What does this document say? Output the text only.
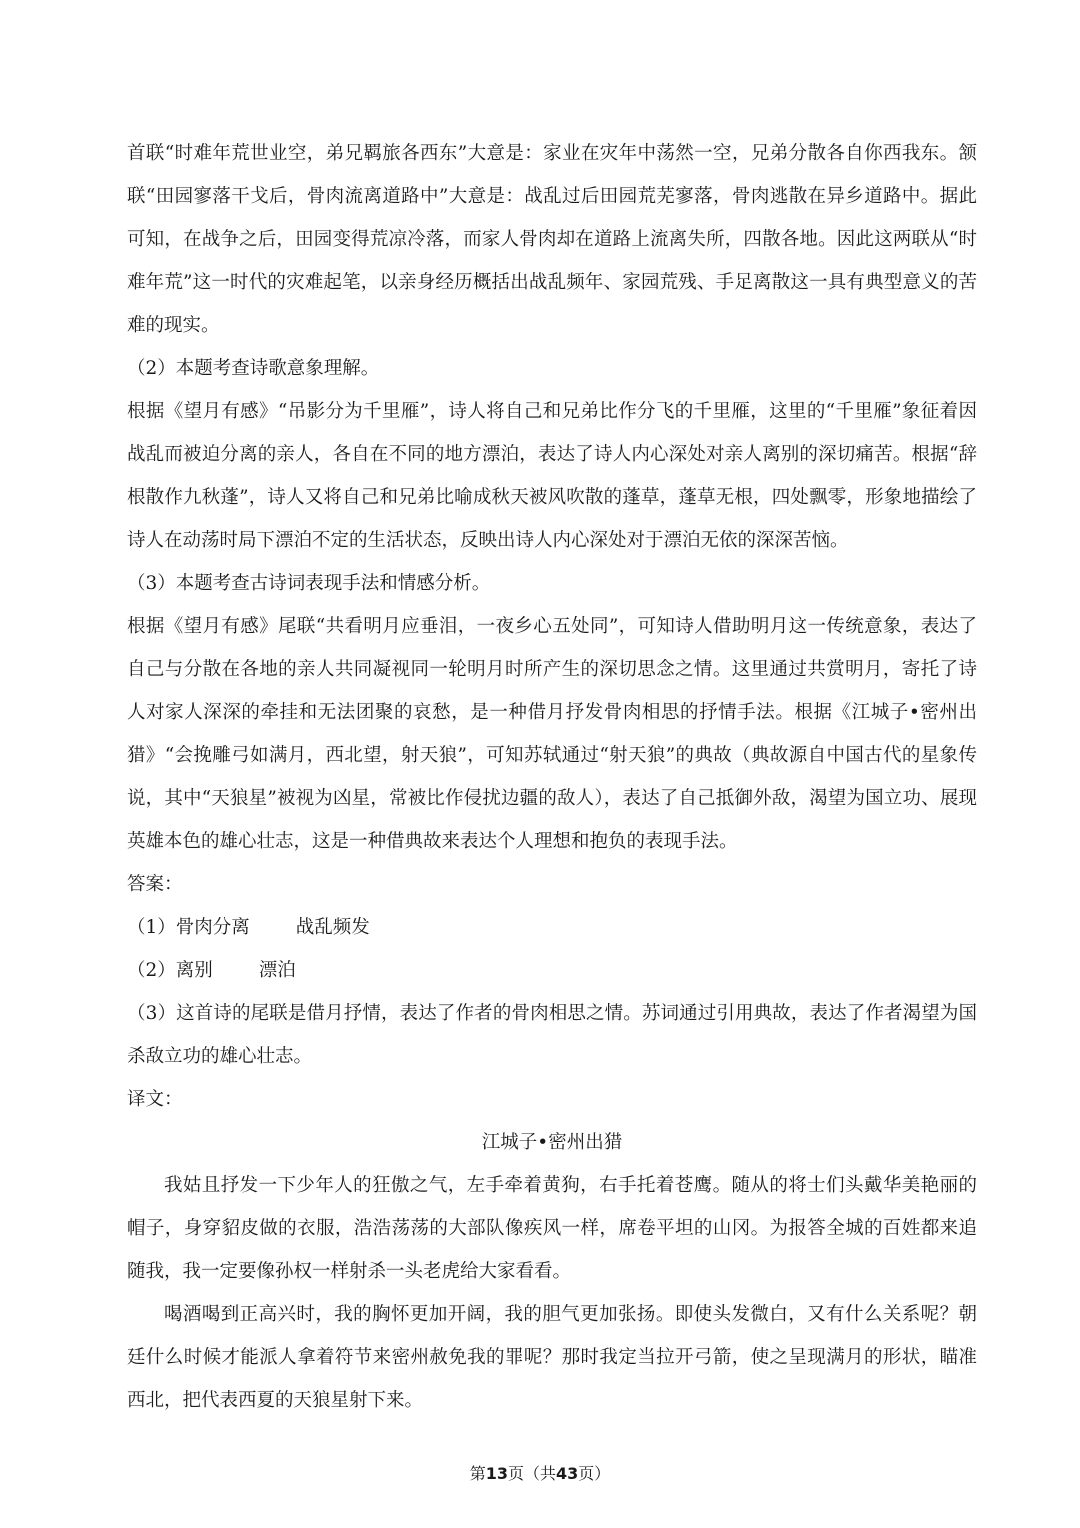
首联“时难年荒世业空，弟兄羁旅各西东”大意是：家业在灾年中荡然一空，兄弟分散各自你西我东。颔联“田园寥落干戈后，骨肉流离道路中”大意是：战乱过后田园荒芜寥落，骨肉逃散在异乡道路中。据此可知，在战争之后，田园变得荒凉冷落，而家人骨肉却在道路上流离失所，四散各地。因此这两联从“时难年荒”这一时代的灾难起笔，以亲身经历概括出战乱频年、家园荒残、手足离散这一具有典型意义的苦难的现实。

（2）本题考查诗歌意象理解。

根据《望月有感》“吊影分为千里雁”，诗人将自己和兄弟比作分飞的千里雁，这里的“千里雁”象征着因战乱而被迫分离的亲人，各自在不同的地方漂泊，表达了诗人内心深处对亲人离别的深切痛苦。根据“辞根散作九秋蓬”，诗人又将自己和兄弟比喻成秋天被风吹散的蓬草，蓬草无根，四处飘零，形象地描绘了诗人在动荡时局下漂泊不定的生活状态，反映出诗人内心深处对于漂泊无依的深深苦恼。

（3）本题考查古诗词表现手法和情感分析。

根据《望月有感》尾联“共看明月应垂泪，一夜乡心五处同”，可知诗人借助明月这一传统意象，表达了自己与分散在各地的亲人共同凝视同一轮明月时所产生的深切思念之情。这里通过共赏明月，寄托了诗人对家人深深的牵挂和无法团聚的哀愁，是一种借月抒发骨肉相思的抒情手法。根据《江城子•密州出猎》“会挽雕弓如满月，西北望，射天狼”，可知苏轼通过“射天狼”的典故（典故源自中国古代的星象传说，其中“天狼星”被视为凶星，常被比作侵扰边疆的敌人），表达了自己抵御外敌，渴望为国立功、展现英雄本色的雄心壮志，这是一种借典故来表达个人理想和抱负的表现手法。

答案：

（1）骨肉分离 战乱频发

（2）离别 漂泊

（3）这首诗的尾联是借月抒情，表达了作者的骨肉相思之情。苏词通过引用典故，表达了作者渴望为国杀敌立功的雄心壮志。

译文：

江城子•密州出猎

我姑且抒发一下少年人的狂傲之气，左手牵着黄狗，右手托着苍鹰。随从的将士们头戴华美艳丽的帽子，身穿貂皮做的衣服，浩浩荡荡的大部队像疾风一样，席卷平坦的山冈。为报答全城的百姓都来追随我，我一定要像孙权一样射杀一头老虎给大家看看。

喝酒喝到正高兴时，我的胸怀更加开阔，我的胆气更加张扬。即使头发微白，又有什么关系呢？朝廷什么时候才能派人拿着符节来密州赦免我的罪呢？那时我定当拉开弓箭，使之呈现满月的形状，瞄准西北，把代表西夏的天狼星射下来。

第13页（共43页）
